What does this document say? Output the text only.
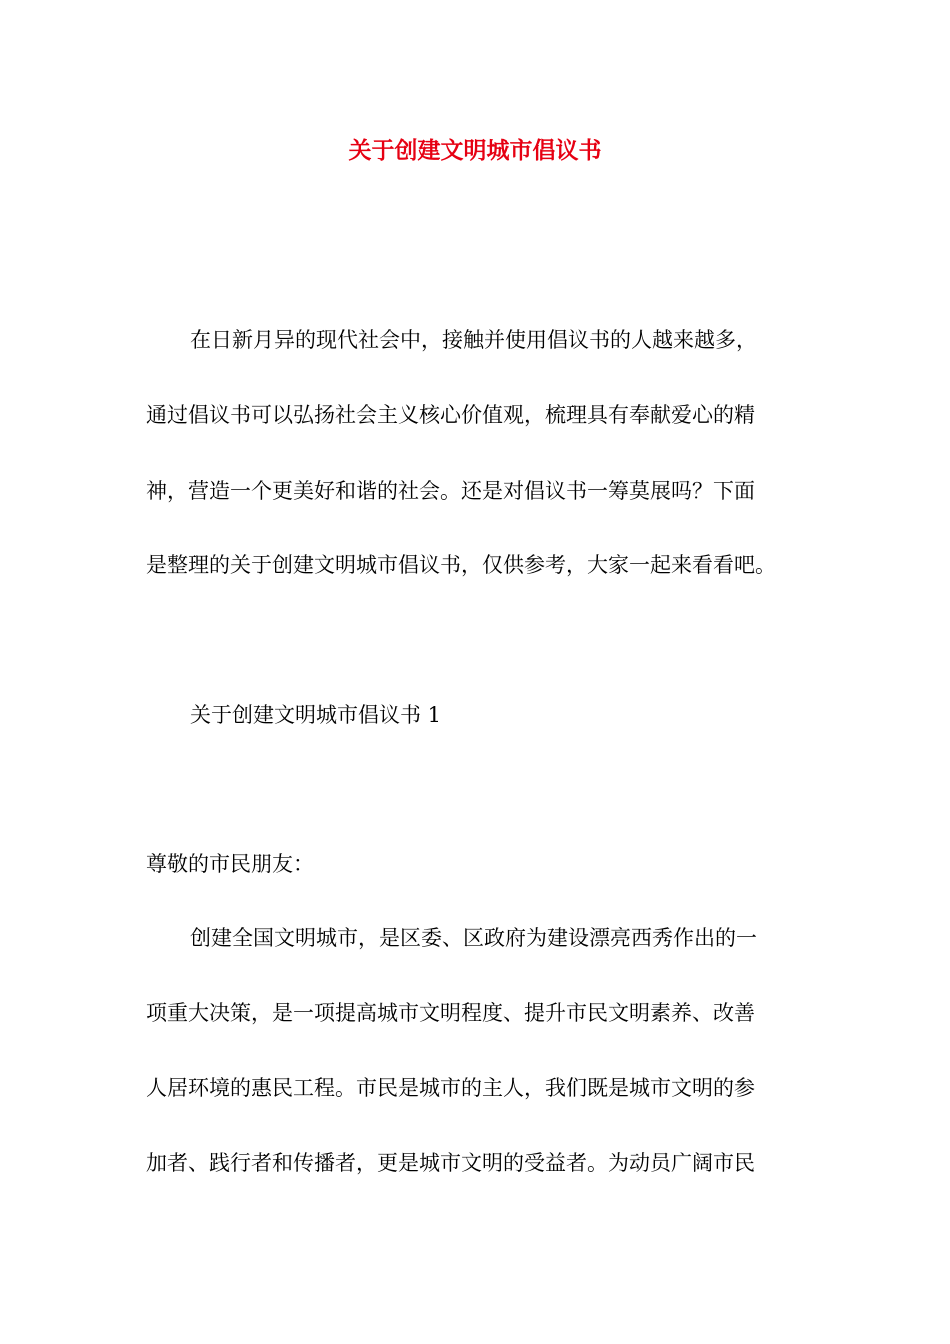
关于创建文明城市倡议书
在日新月异的现代社会中，接触并使用倡议书的人越来越多，
通过倡议书可以弘扬社会主义核心价值观，梳理具有奉献爱心的精
神，营造一个更美好和谐的社会。还是对倡议书一筹莫展吗？下面
是整理的关于创建文明城市倡议书，仅供参考，大家一起来看看吧。
关于创建文明城市倡议书 1
尊敬的市民朋友：
创建全国文明城市，是区委、区政府为建设漂亮西秀作出的一
项重大决策，是一项提高城市文明程度、提升市民文明素养、改善
人居环境的惠民工程。市民是城市的主人，我们既是城市文明的参
加者、践行者和传播者，更是城市文明的受益者。为动员广阔市民
